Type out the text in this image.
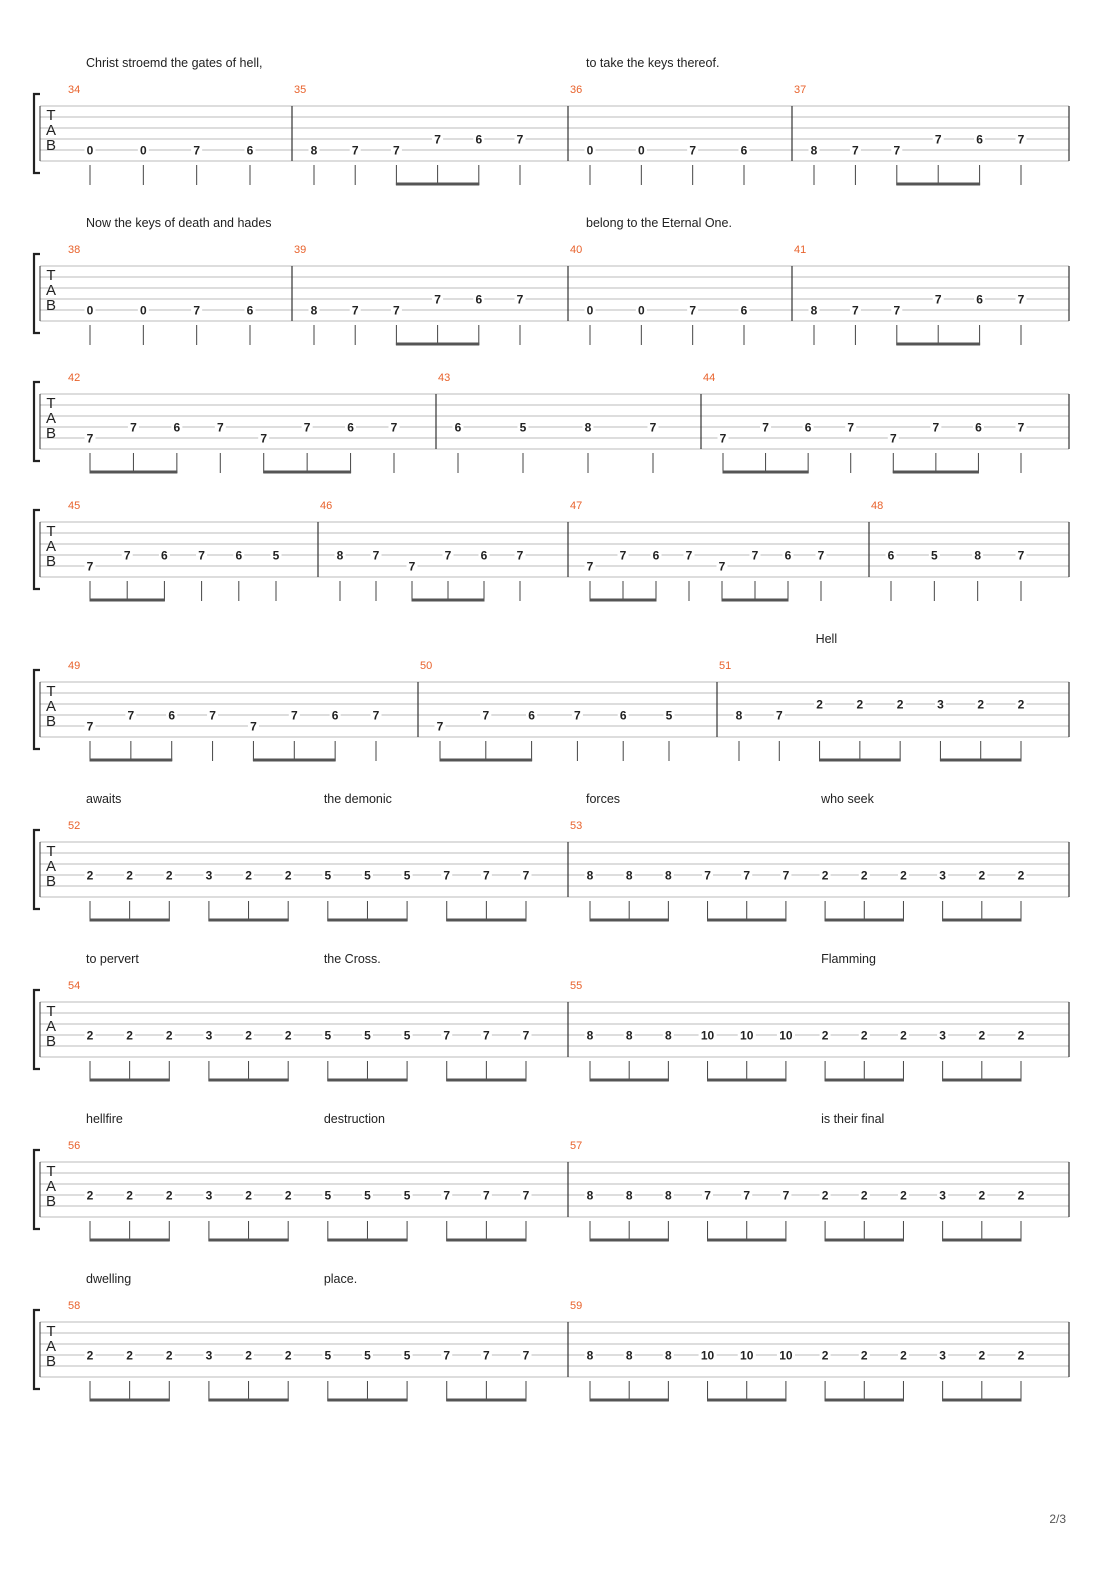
T
A
B
34
0	0	7	6
35
8	7	7
7	6	7
36
0	0	7	6
37
8	7	7
7	6	7
Christ stroemd the gates of hell,	to take the keys thereof.
T
A
B
38
0	0	7	6
39
8	7	7
7	6	7
40
0	0	7	6
41
8	7	7
7	6	7
Now the keys of death and hades	belong to the Eternal One.
T
A
B
42
7
7	6	7
7
7	6	7
43
6	5	8	7
44
7
7	6	7
7
7	6	7
T
A
B
45
7
7	6	7	6	5
46
8 7
7
7 6 7
47
7
7 6 7
7
7 6 7
48
6	5	8	7
T
A
B
49
7
7	6	7
7
7	6	7
50
7
7	6	7	6	5
51
8	7
2	2	2	3	2	2
Hell
T
A
B
52
2	2	2	3	2	2	5	5	5	7	7	7
53
8	8	8	7	7	7	2	2	2	3	2	2
awaits	the demonic	forces	who seek
T
A
B
54
2	2	2	3	2	2	5	5	5	7	7	7
55
8	8	8 10 10 10 2	2	2	3	2	2
to pervert	the Cross.	Flamming
T
A
B
56
2	2	2	3	2	2	5	5	5	7	7	7
57
8	8	8	7	7	7	2	2	2	3	2	2
hellfire	destruction	is their final
T
A
B
58
2	2	2	3	2	2	5	5	5	7	7	7
59
8	8	8 10 10 10 2	2	2	3	2	2
dwelling	place.
2/3
